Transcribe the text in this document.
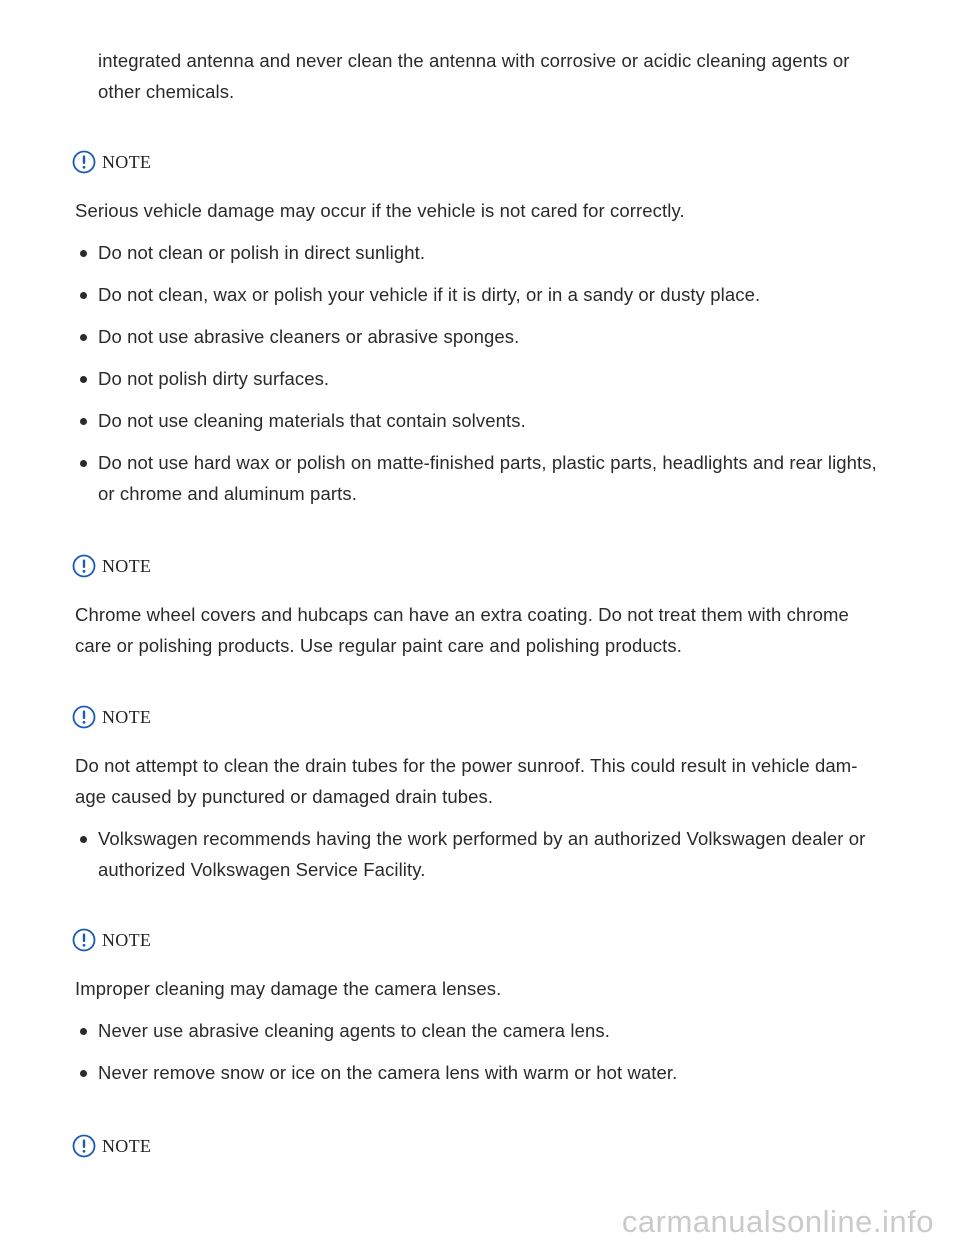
integrated antenna and never clean the antenna with corrosive or acidic cleaning agents or other chemicals.

NOTE

Serious vehicle damage may occur if the vehicle is not cared for correctly.

Do not clean or polish in direct sunlight.
Do not clean, wax or polish your vehicle if it is dirty, or in a sandy or dusty place.
Do not use abrasive cleaners or abrasive sponges.
Do not polish dirty surfaces.
Do not use cleaning materials that contain solvents.
Do not use hard wax or polish on matte-finished parts, plastic parts, headlights and rear lights, or chrome and aluminum parts.
NOTE

Chrome wheel covers and hubcaps can have an extra coating. Do not treat them with chrome care or polishing products. Use regular paint care and polishing products.

NOTE

Do not attempt to clean the drain tubes for the power sunroof. This could result in vehicle dam-age caused by punctured or damaged drain tubes.

Volkswagen recommends having the work performed by an authorized Volkswagen dealer or authorized Volkswagen Service Facility.
NOTE

Improper cleaning may damage the camera lenses.

Never use abrasive cleaning agents to clean the camera lens.
Never remove snow or ice on the camera lens with warm or hot water.
NOTE
carmanualsonline.info
